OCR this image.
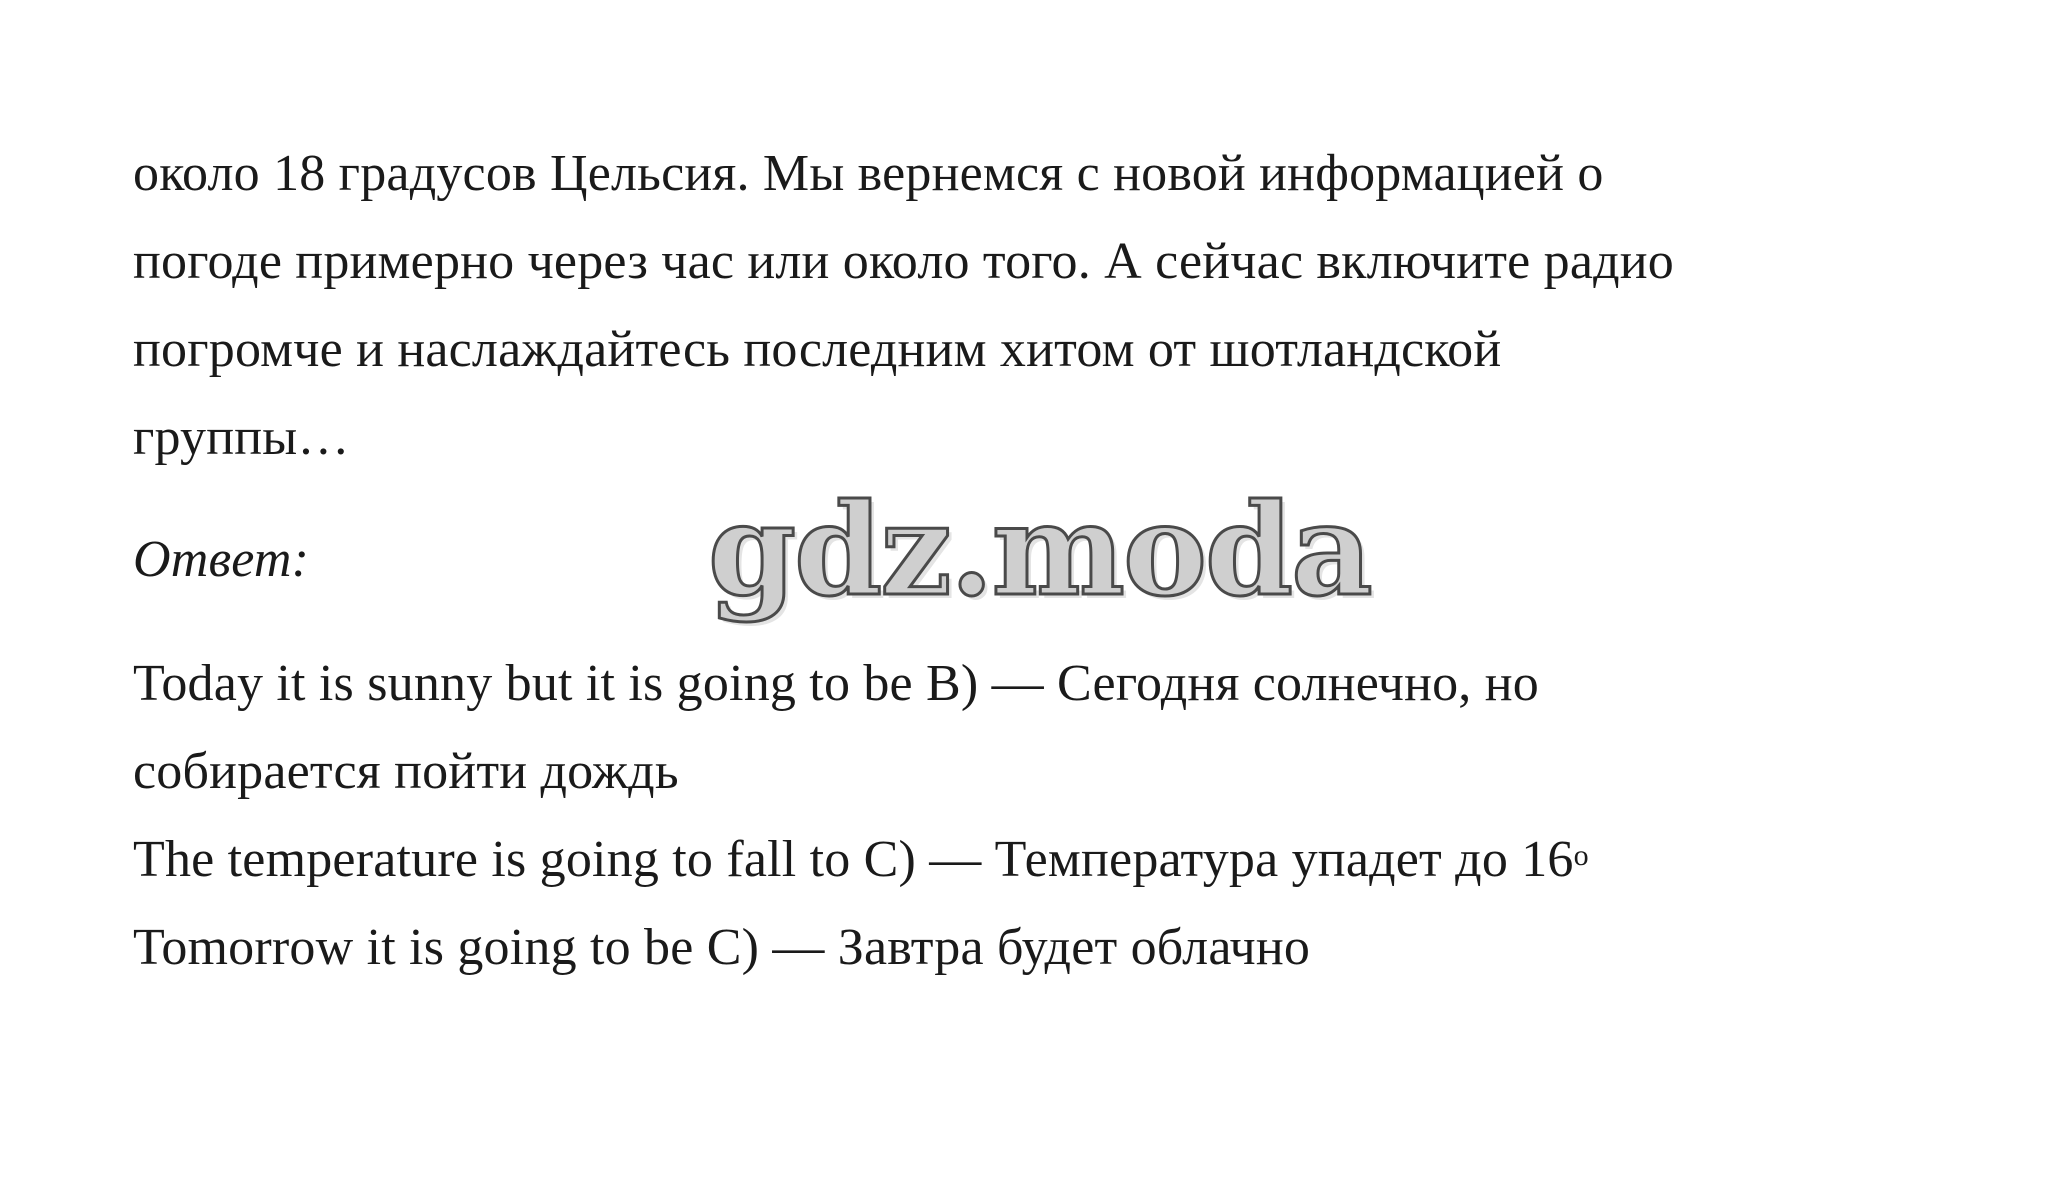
около 18 градусов Цельсия. Мы вернемся с новой информацией о
погоде примерно через час или около того. А сейчас включите радио
погромче и наслаждайтесь последним хитом от шотландской
группы…
Ответ:	gdz.moda
Today it is sunny but it is going to be B) — Сегодня солнечно, но
собирается пойти дождь
The temperature is going to fall to C) — Температура упадет до 16$^o$
Tomorrow it is going to be C) — Завтра будет облачно
